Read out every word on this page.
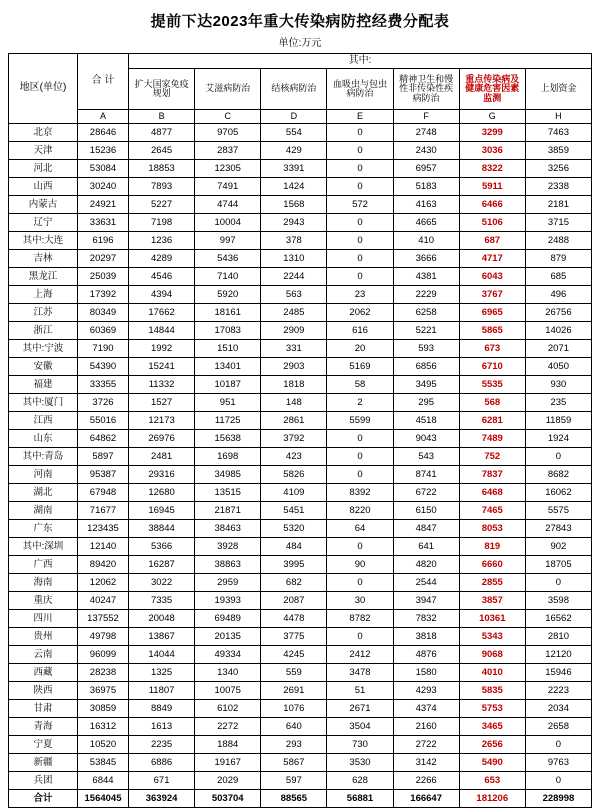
提前下达2023年重大传染病防控经费分配表
单位:万元
地区(单位)	合 计	其中:						
		扩大国家免疫规划	艾滋病防治	结核病防治	血吸虫与包虫病防治	精神卫生和慢性非传染性疾病防治	重点传染病及健康危害因素监测	上划资金
	A	B	C	D	E	F	G	H
北京	28646	4877	9705	554	0	2748	3299	7463
天津	15236	2645	2837	429	0	2430	3036	3859
河北	53084	18853	12305	3391	0	6957	8322	3256
山西	30240	7893	7491	1424	0	5183	5911	2338
内蒙古	24921	5227	4744	1568	572	4163	6466	2181
辽宁	33631	7198	10004	2943	0	4665	5106	3715
其中:大连	6196	1236	997	378	0	410	687	2488
吉林	20297	4289	5436	1310	0	3666	4717	879
黑龙江	25039	4546	7140	2244	0	4381	6043	685
上海	17392	4394	5920	563	23	2229	3767	496
江苏	80349	17662	18161	2485	2062	6258	6965	26756
浙江	60369	14844	17083	2909	616	5221	5865	14026
其中:宁波	7190	1992	1510	331	20	593	673	2071
安徽	54390	15241	13401	2903	5169	6856	6710	4050
福建	33355	11332	10187	1818	58	3495	5535	930
其中:厦门	3726	1527	951	148	2	295	568	235
江西	55016	12173	11725	2861	5599	4518	6281	11859
山东	64862	26976	15638	3792	0	9043	7489	1924
其中:青岛	5897	2481	1698	423	0	543	752	0
河南	95387	29316	34985	5826	0	8741	7837	8682
湖北	67948	12680	13515	4109	8392	6722	6468	16062
湖南	71677	16945	21871	5451	8220	6150	7465	5575
广东	123435	38844	38463	5320	64	4847	8053	27843
其中:深圳	12140	5366	3928	484	0	641	819	902
广西	89420	16287	38863	3995	90	4820	6660	18705
海南	12062	3022	2959	682	0	2544	2855	0
重庆	40247	7335	19393	2087	30	3947	3857	3598
四川	137552	20048	69489	4478	8782	7832	10361	16562
贵州	49798	13867	20135	3775	0	3818	5343	2810
云南	96099	14044	49334	4245	2412	4876	9068	12120
西藏	28238	1325	1340	559	3478	1580	4010	15946
陕西	36975	11807	10075	2691	51	4293	5835	2223
甘肃	30859	8849	6102	1076	2671	4374	5753	2034
青海	16312	1613	2272	640	3504	2160	3465	2658
宁夏	10520	2235	1884	293	730	2722	2656	0
新疆	53845	6886	19167	5867	3530	3142	5490	9763
兵团	6844	671	2029	597	628	2266	653	0
合计	1564045	363924	503704	88565	56881	166647	181206	228998
